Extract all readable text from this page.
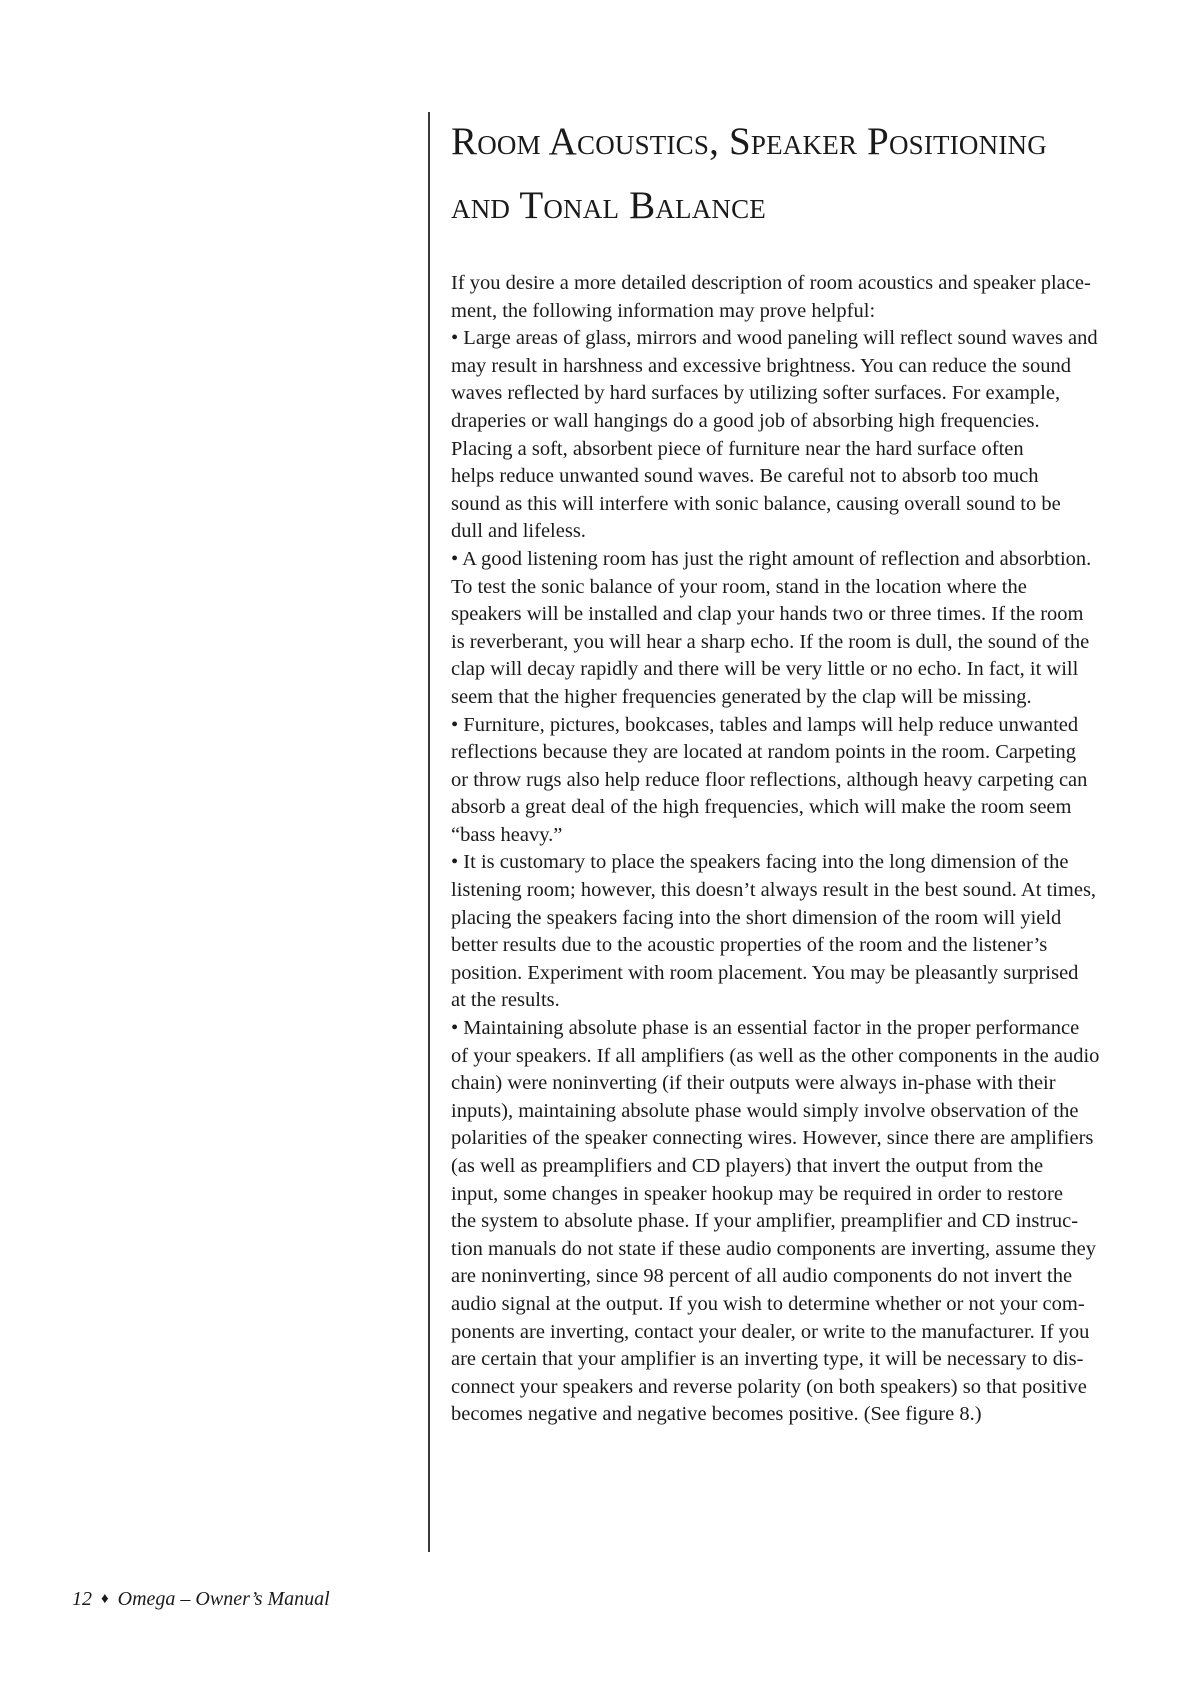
Room Acoustics, Speaker Positioning
and Tonal Balance
If you desire a more detailed description of room acoustics and speaker place-
ment, the following information may prove helpful:
• Large areas of glass, mirrors and wood paneling will reflect sound waves and
may result in harshness and excessive brightness. You can reduce the sound
waves reflected by hard surfaces by utilizing softer surfaces. For example,
draperies or wall hangings do a good job of absorbing high frequencies.
Placing a soft, absorbent piece of furniture near the hard surface often
helps reduce unwanted sound waves. Be careful not to absorb too much
sound as this will interfere with sonic balance, causing overall sound to be
dull and lifeless.
• A good listening room has just the right amount of reflection and absorbtion.
To test the sonic balance of your room, stand in the location where the
speakers will be installed and clap your hands two or three times. If the room
is reverberant, you will hear a sharp echo. If the room is dull, the sound of the
clap will decay rapidly and there will be very little or no echo. In fact, it will
seem that the higher frequencies generated by the clap will be missing.
• Furniture, pictures, bookcases, tables and lamps will help reduce unwanted
reflections because they are located at random points in the room. Carpeting
or throw rugs also help reduce floor reflections, although heavy carpeting can
absorb a great deal of the high frequencies, which will make the room seem
“bass heavy.”
• It is customary to place the speakers facing into the long dimension of the
listening room; however, this doesn’t always result in the best sound. At times,
placing the speakers facing into the short dimension of the room will yield
better results due to the acoustic properties of the room and the listener’s
position. Experiment with room placement. You may be pleasantly surprised
at the results.
• Maintaining absolute phase is an essential factor in the proper performance
of your speakers. If all amplifiers (as well as the other components in the audio
chain) were noninverting (if their outputs were always in-phase with their
inputs), maintaining absolute phase would simply involve observation of the
polarities of the speaker connecting wires. However, since there are amplifiers
(as well as preamplifiers and CD players) that invert the output from the
input, some changes in speaker hookup may be required in order to restore
the system to absolute phase. If your amplifier, preamplifier and CD instruc-
tion manuals do not state if these audio components are inverting, assume they
are noninverting, since 98 percent of all audio components do not invert the
audio signal at the output. If you wish to determine whether or not your com-
ponents are inverting, contact your dealer, or write to the manufacturer. If you
are certain that your amplifier is an inverting type, it will be necessary to dis-
connect your speakers and reverse polarity (on both speakers) so that positive
becomes negative and negative becomes positive. (See figure 8.)
12 ♦ Omega – Owner’s Manual
